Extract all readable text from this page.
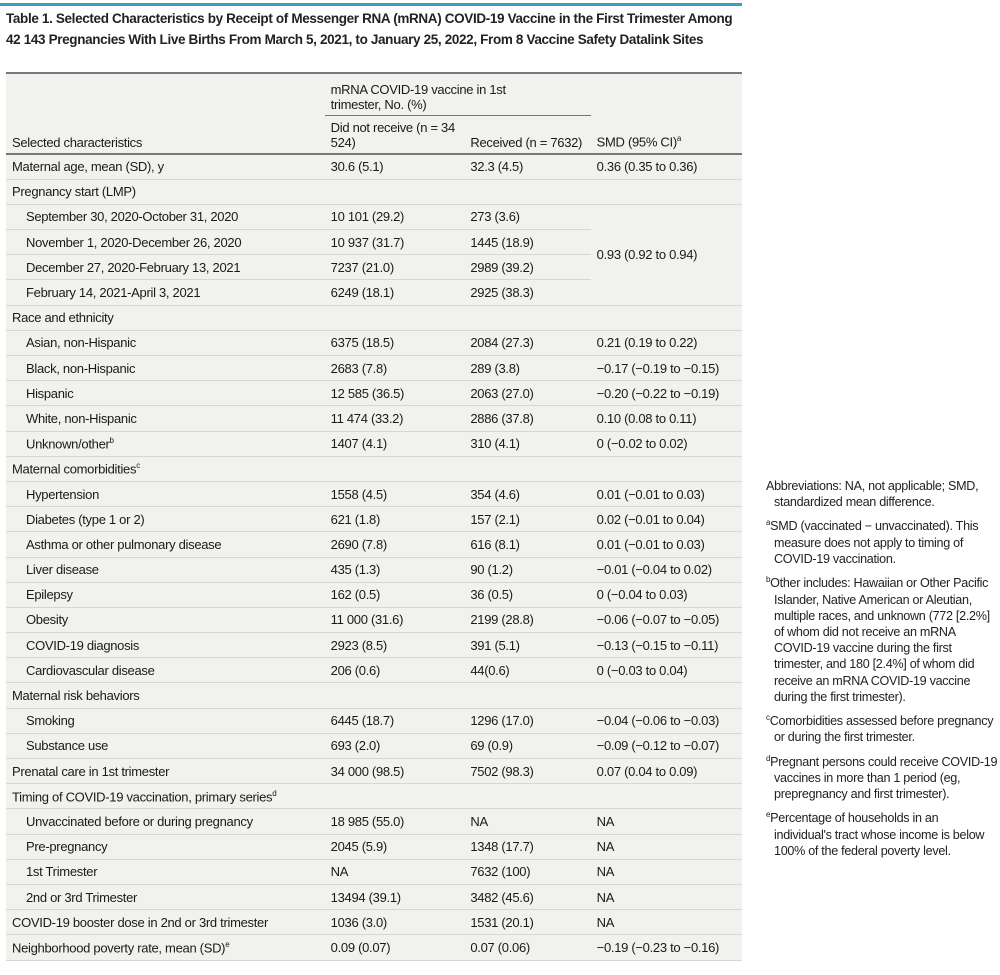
Table 1. Selected Characteristics by Receipt of Messenger RNA (mRNA) COVID-19 Vaccine in the First Trimester Among 42 143 Pregnancies With Live Births From March 5, 2021, to January 25, 2022, From 8 Vaccine Safety Datalink Sites
	mRNA COVID-19 vaccine in 1st trimester, No. (%)		
Selected characteristics	Did not receive (n = 34 524)	Received (n = 7632)	SMD (95% CI)$^a$
Maternal age, mean (SD), y	30.6 (5.1)	32.3 (4.5)	0.36 (0.35 to 0.36)
Pregnancy start (LMP)			
September 30, 2020-October 31, 2020	10 101 (29.2)	273 (3.6)	0.93 (0.92 to 0.94)
November 1, 2020-December 26, 2020	10 937 (31.7)	1445 (18.9)	
December 27, 2020-February 13, 2021	7237 (21.0)	2989 (39.2)	
February 14, 2021-April 3, 2021	6249 (18.1)	2925 (38.3)	
Race and ethnicity			
Asian, non-Hispanic	6375 (18.5)	2084 (27.3)	0.21 (0.19 to 0.22)
Black, non-Hispanic	2683 (7.8)	289 (3.8)	−0.17 (−0.19 to −0.15)
Hispanic	12 585 (36.5)	2063 (27.0)	−0.20 (−0.22 to −0.19)
White, non-Hispanic	11 474 (33.2)	2886 (37.8)	0.10 (0.08 to 0.11)
Unknown/other$^b$	1407 (4.1)	310 (4.1)	0 (−0.02 to 0.02)
Maternal comorbidities$^c$	
Hypertension	1558 (4.5)	354 (4.6)	0.01 (−0.01 to 0.03)
Diabetes (type 1 or 2)	621 (1.8)	157 (2.1)	0.02 (−0.01 to 0.04)
Asthma or other pulmonary disease	2690 (7.8)	616 (8.1)	0.01 (−0.01 to 0.03)
Liver disease	435 (1.3)	90 (1.2)	−0.01 (−0.04 to 0.02)
Epilepsy	162 (0.5)	36 (0.5)	0 (−0.04 to 0.03)
Obesity	11 000 (31.6)	2199 (28.8)	−0.06 (−0.07 to −0.05)
COVID-19 diagnosis	2923 (8.5)	391 (5.1)	−0.13 (−0.15 to −0.11)
Cardiovascular disease	206 (0.6)	44(0.6)	0 (−0.03 to 0.04)
Maternal risk behaviors			
Smoking	6445 (18.7)	1296 (17.0)	−0.04 (−0.06 to −0.03)
Substance use	693 (2.0)	69 (0.9)	−0.09 (−0.12 to −0.07)
Prenatal care in 1st trimester	34 000 (98.5)	7502 (98.3)	0.07 (0.04 to 0.09)
Timing of COVID-19 vaccination, primary series$^d$	
Unvaccinated before or during pregnancy	18 985 (55.0)	NA	NA
Pre-pregnancy	2045 (5.9)	1348 (17.7)	NA
1st Trimester	NA	7632 (100)	NA
2nd or 3rd Trimester	13494 (39.1)	3482 (45.6)	NA
COVID-19 booster dose in 2nd or 3rd trimester	1036 (3.0)	1531 (20.1)	NA
Neighborhood poverty rate, mean (SD)$^e$	0.09 (0.07)	0.07 (0.06)	−0.19 (−0.23 to −0.16)
Abbreviations: NA, not applicable; SMD, standardized mean difference.
$^a$SMD (vaccinated − unvaccinated). This measure does not apply to timing of COVID-19 vaccination.
$^b$Other includes: Hawaiian or Other Pacific Islander, Native American or Aleutian, multiple races, and unknown (772 [2.2%] of whom did not receive an mRNA COVID-19 vaccine during the first trimester, and 180 [2.4%] of whom did receive an mRNA COVID-19 vaccine during the first trimester).
$^c$Comorbidities assessed before pregnancy or during the first trimester.
$^d$Pregnant persons could receive COVID-19 vaccines in more than 1 period (eg, prepregnancy and first trimester).
$^e$Percentage of households in an individual's tract whose income is below 100% of the federal poverty level.
